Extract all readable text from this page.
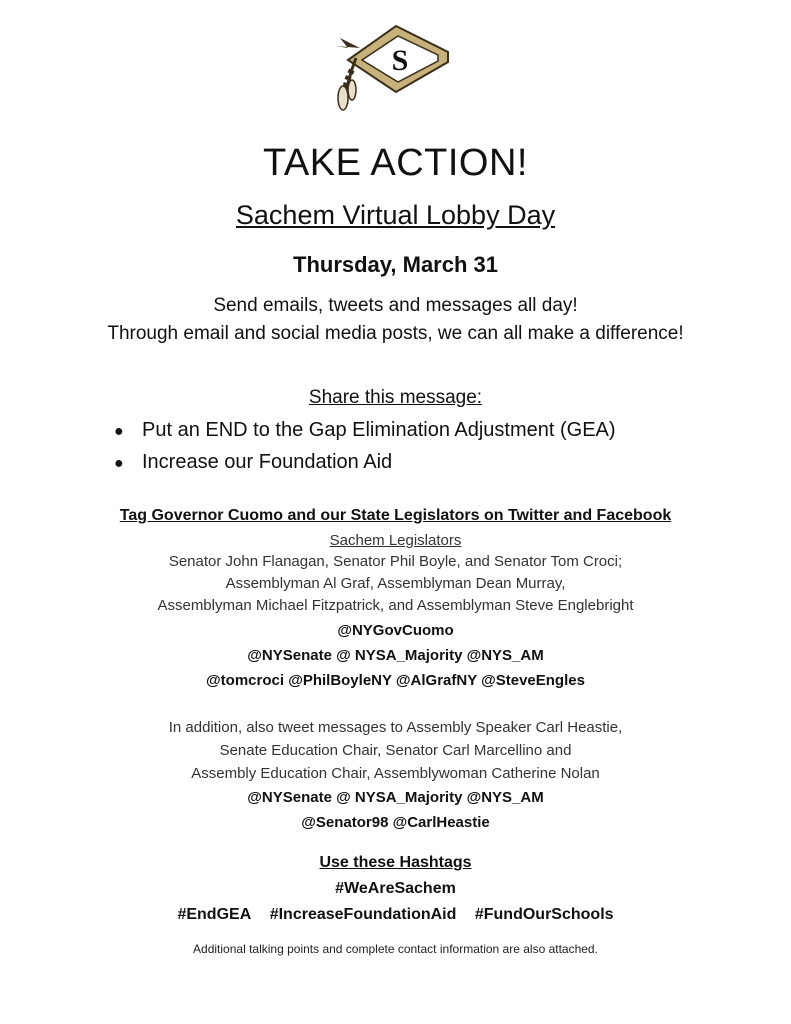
S
TAKE ACTION!
Sachem Virtual Lobby Day
Thursday, March 31
Send emails, tweets and messages all day!
Through email and social media posts, we can all make a difference!
Share this message:
● Put an END to the Gap Elimination Adjustment (GEA)
● Increase our Foundation Aid
Tag Governor Cuomo and our State Legislators on Twitter and Facebook
Sachem Legislators
Senator John Flanagan, Senator Phil Boyle, and Senator Tom Croci;
Assemblyman Al Graf, Assemblyman Dean Murray,
Assemblyman Michael Fitzpatrick, and Assemblyman Steve Englebright
@NYGovCuomo
@NYSenate @ NYSA_Majority @NYS_AM
@tomcroci @PhilBoyleNY @AlGrafNY @SteveEngles
In addition, also tweet messages to Assembly Speaker Carl Heastie,
Senate Education Chair, Senator Carl Marcellino and
Assembly Education Chair, Assemblywoman Catherine Nolan
@NYSenate @ NYSA_Majority @NYS_AM
@Senator98 @CarlHeastie
Use these Hashtags
#WeAreSachem
#EndGEA #IncreaseFoundationAid #FundOurSchools
Additional talking points and complete contact information are also attached.
